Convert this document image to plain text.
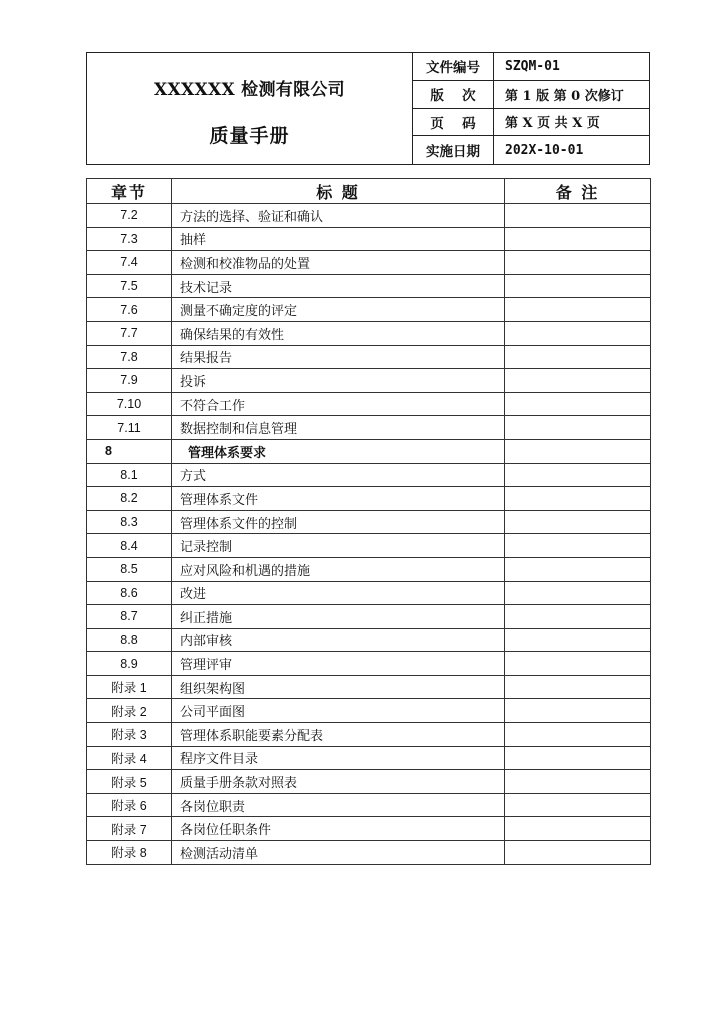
XXXXXX 检测有限公司
质量手册
文件编号	SZQM-01
版　 次	第 1 版 第 0 次修订
页　 码	第 X 页 共 X 页
实施日期	202X-10-01
章节	标 题	备 注
7.2	方法的选择、验证和确认	
7.3	抽样	
7.4	检测和校准物品的处置	
7.5	技术记录	
7.6	测量不确定度的评定	
7.7	确保结果的有效性	
7.8	结果报告	
7.9	投诉	
7.10	不符合工作	
7.11	数据控制和信息管理	
8	管理体系要求	
8.1	方式	
8.2	管理体系文件	
8.3	管理体系文件的控制	
8.4	记录控制	
8.5	应对风险和机遇的措施	
8.6	改进	
8.7	纠正措施	
8.8	内部审核	
8.9	管理评审	
附录 1	组织架构图	
附录 2	公司平面图	
附录 3	管理体系职能要素分配表	
附录 4	程序文件目录	
附录 5	质量手册条款对照表	
附录 6	各岗位职责	
附录 7	各岗位任职条件	
附录 8	检测活动清单	
